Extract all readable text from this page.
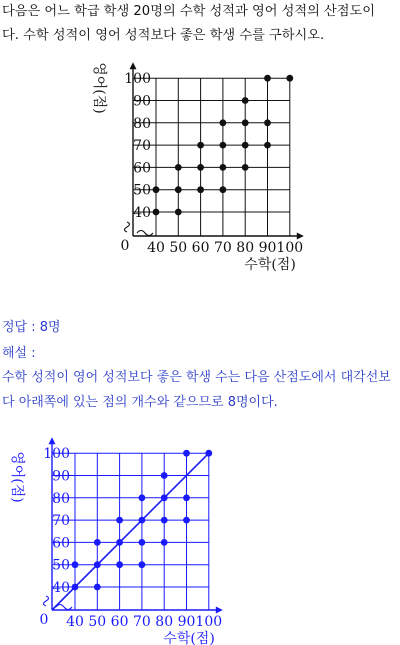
다음은 어느 학급 학생 20명의 수학 성적과 영어 성적의 산점도이
다. 수학 성적이 영어 성적보다 좋은 학생 수를 구하시오.
40 50 60 70 80 90 100
40
50
60
70
80
90
100
0
수학(점)
영어(점)
정답 : 8명
해설 :
수학 성적이 영어 성적보다 좋은 학생 수는 다음 산점도에서 대각선보
다 아래쪽에 있는 점의 개수와 같으므로 8명이다.
40 50 60 70 80 90 100
40
50
60
70
80
90
100
0
수학(점)
영어(점)
